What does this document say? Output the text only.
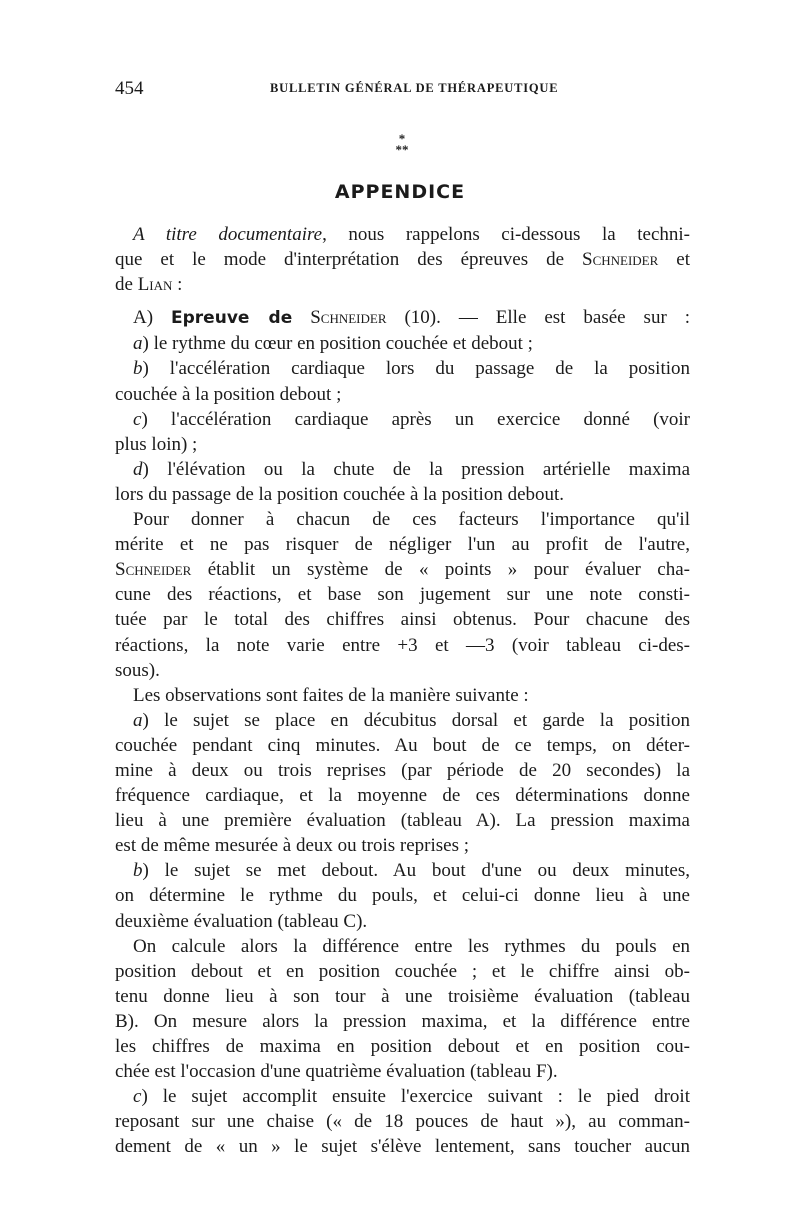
454	BULLETIN GÉNÉRAL DE THÉRAPEUTIQUE
*
**
APPENDICE
A titre documentaire, nous rappelons ci-dessous la techni-
que et le mode d'interprétation des épreuves de Schneider et
de Lian :
A) Epreuve de Schneider (10). — Elle est basée sur :
a) le rythme du cœur en position couchée et debout ;
b) l'accélération cardiaque lors du passage de la position
couchée à la position debout ;
c) l'accélération cardiaque après un exercice donné (voir
plus loin) ;
d) l'élévation ou la chute de la pression artérielle maxima
lors du passage de la position couchée à la position debout.
Pour donner à chacun de ces facteurs l'importance qu'il
mérite et ne pas risquer de négliger l'un au profit de l'autre,
Schneider établit un système de « points » pour évaluer cha-
cune des réactions, et base son jugement sur une note consti-
tuée par le total des chiffres ainsi obtenus. Pour chacune des
réactions, la note varie entre +3 et —3 (voir tableau ci-des-
sous).
Les observations sont faites de la manière suivante :
a) le sujet se place en décubitus dorsal et garde la position
couchée pendant cinq minutes. Au bout de ce temps, on déter-
mine à deux ou trois reprises (par période de 20 secondes) la
fréquence cardiaque, et la moyenne de ces déterminations donne
lieu à une première évaluation (tableau A). La pression maxima
est de même mesurée à deux ou trois reprises ;
b) le sujet se met debout. Au bout d'une ou deux minutes,
on détermine le rythme du pouls, et celui-ci donne lieu à une
deuxième évaluation (tableau C).
On calcule alors la différence entre les rythmes du pouls en
position debout et en position couchée ; et le chiffre ainsi ob-
tenu donne lieu à son tour à une troisième évaluation (tableau
B). On mesure alors la pression maxima, et la différence entre
les chiffres de maxima en position debout et en position cou-
chée est l'occasion d'une quatrième évaluation (tableau F).
c) le sujet accomplit ensuite l'exercice suivant : le pied droit
reposant sur une chaise (« de 18 pouces de haut »), au comman-
dement de « un » le sujet s'élève lentement, sans toucher aucun
